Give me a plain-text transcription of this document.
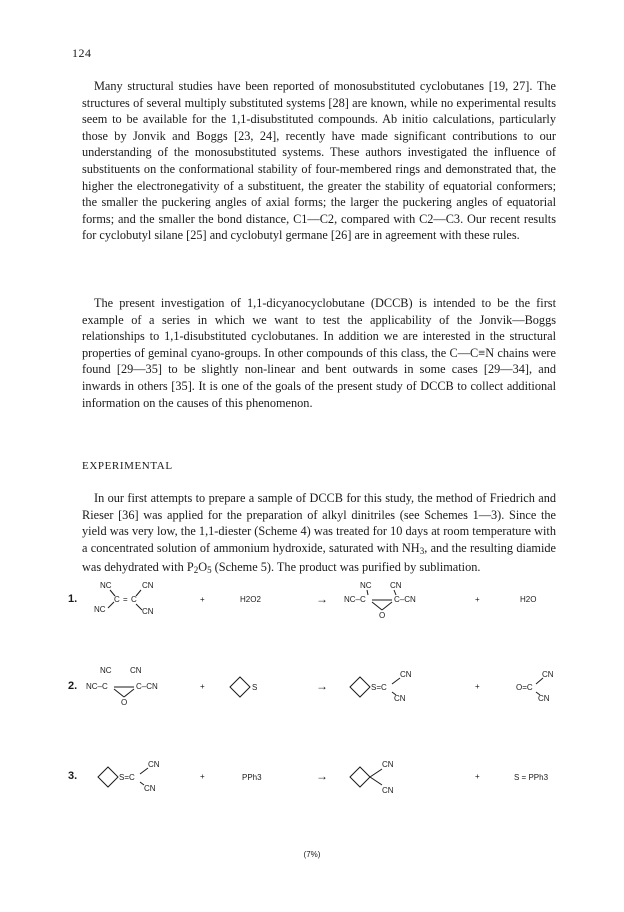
124

Many structural studies have been reported of monosubstituted cyclobutanes [19, 27]. The structures of several multiply substituted systems [28] are known, while no experimental results seem to be available for the 1,1-disubstituted compounds. Ab initio calculations, particularly those by Jonvik and Boggs [23, 24], recently have made significant contributions to our understanding of the monosubstituted systems. These authors investigated the influence of substituents on the conformational stability of four-membered rings and demonstrated that, the higher the electronegativity of a substituent, the greater the stability of equatorial conformers; the smaller the puckering angles of axial forms; the larger the puckering angles of equatorial forms; and the smaller the bond distance, C1—C2, compared with C2—C3. Our recent results for cyclobutyl silane [25] and cyclobutyl germane [26] are in agreement with these rules.

The present investigation of 1,1-dicyanocyclobutane (DCCB) is intended to be the first example of a series in which we want to test the applicability of the Jonvik—Boggs relationships to 1,1-disubstituted cyclobutanes. In addition we are interested in the structural properties of geminal cyano-groups. In other compounds of this class, the C—C≡N chains were found [29—35] to be slightly non-linear and bent outwards in some cases [29—34], and inwards in others [35]. It is one of the goals of the present study of DCCB to collect additional information on the causes of this phenomenon.

EXPERIMENTAL

In our first attempts to prepare a sample of DCCB for this study, the method of Friedrich and Rieser [36] was applied for the preparation of alkyl dinitriles (see Schemes 1—3). Since the yield was very low, the 1,1-diester (Scheme 4) was treated for 10 days at room temperature with a concentrated solution of ammonium hydroxide, saturated with $NH_3$, and the resulting diamide was dehydrated with $P_2O_5$ (Scheme 5). The product was purified by sublimation.

1.
NC	CN
C = C
NC	CN
+	H2O2	→
NC CN
NC–C	C–CN
O
+	H2O
2.
NC CN
NC–C	C–CN
O
+	S	→	S=C
CN
CN
+	O=C
CN
CN
3.	S=C
CN
CN
+	PPh3	→
CN
CN
+	S = PPh3
(7%)
